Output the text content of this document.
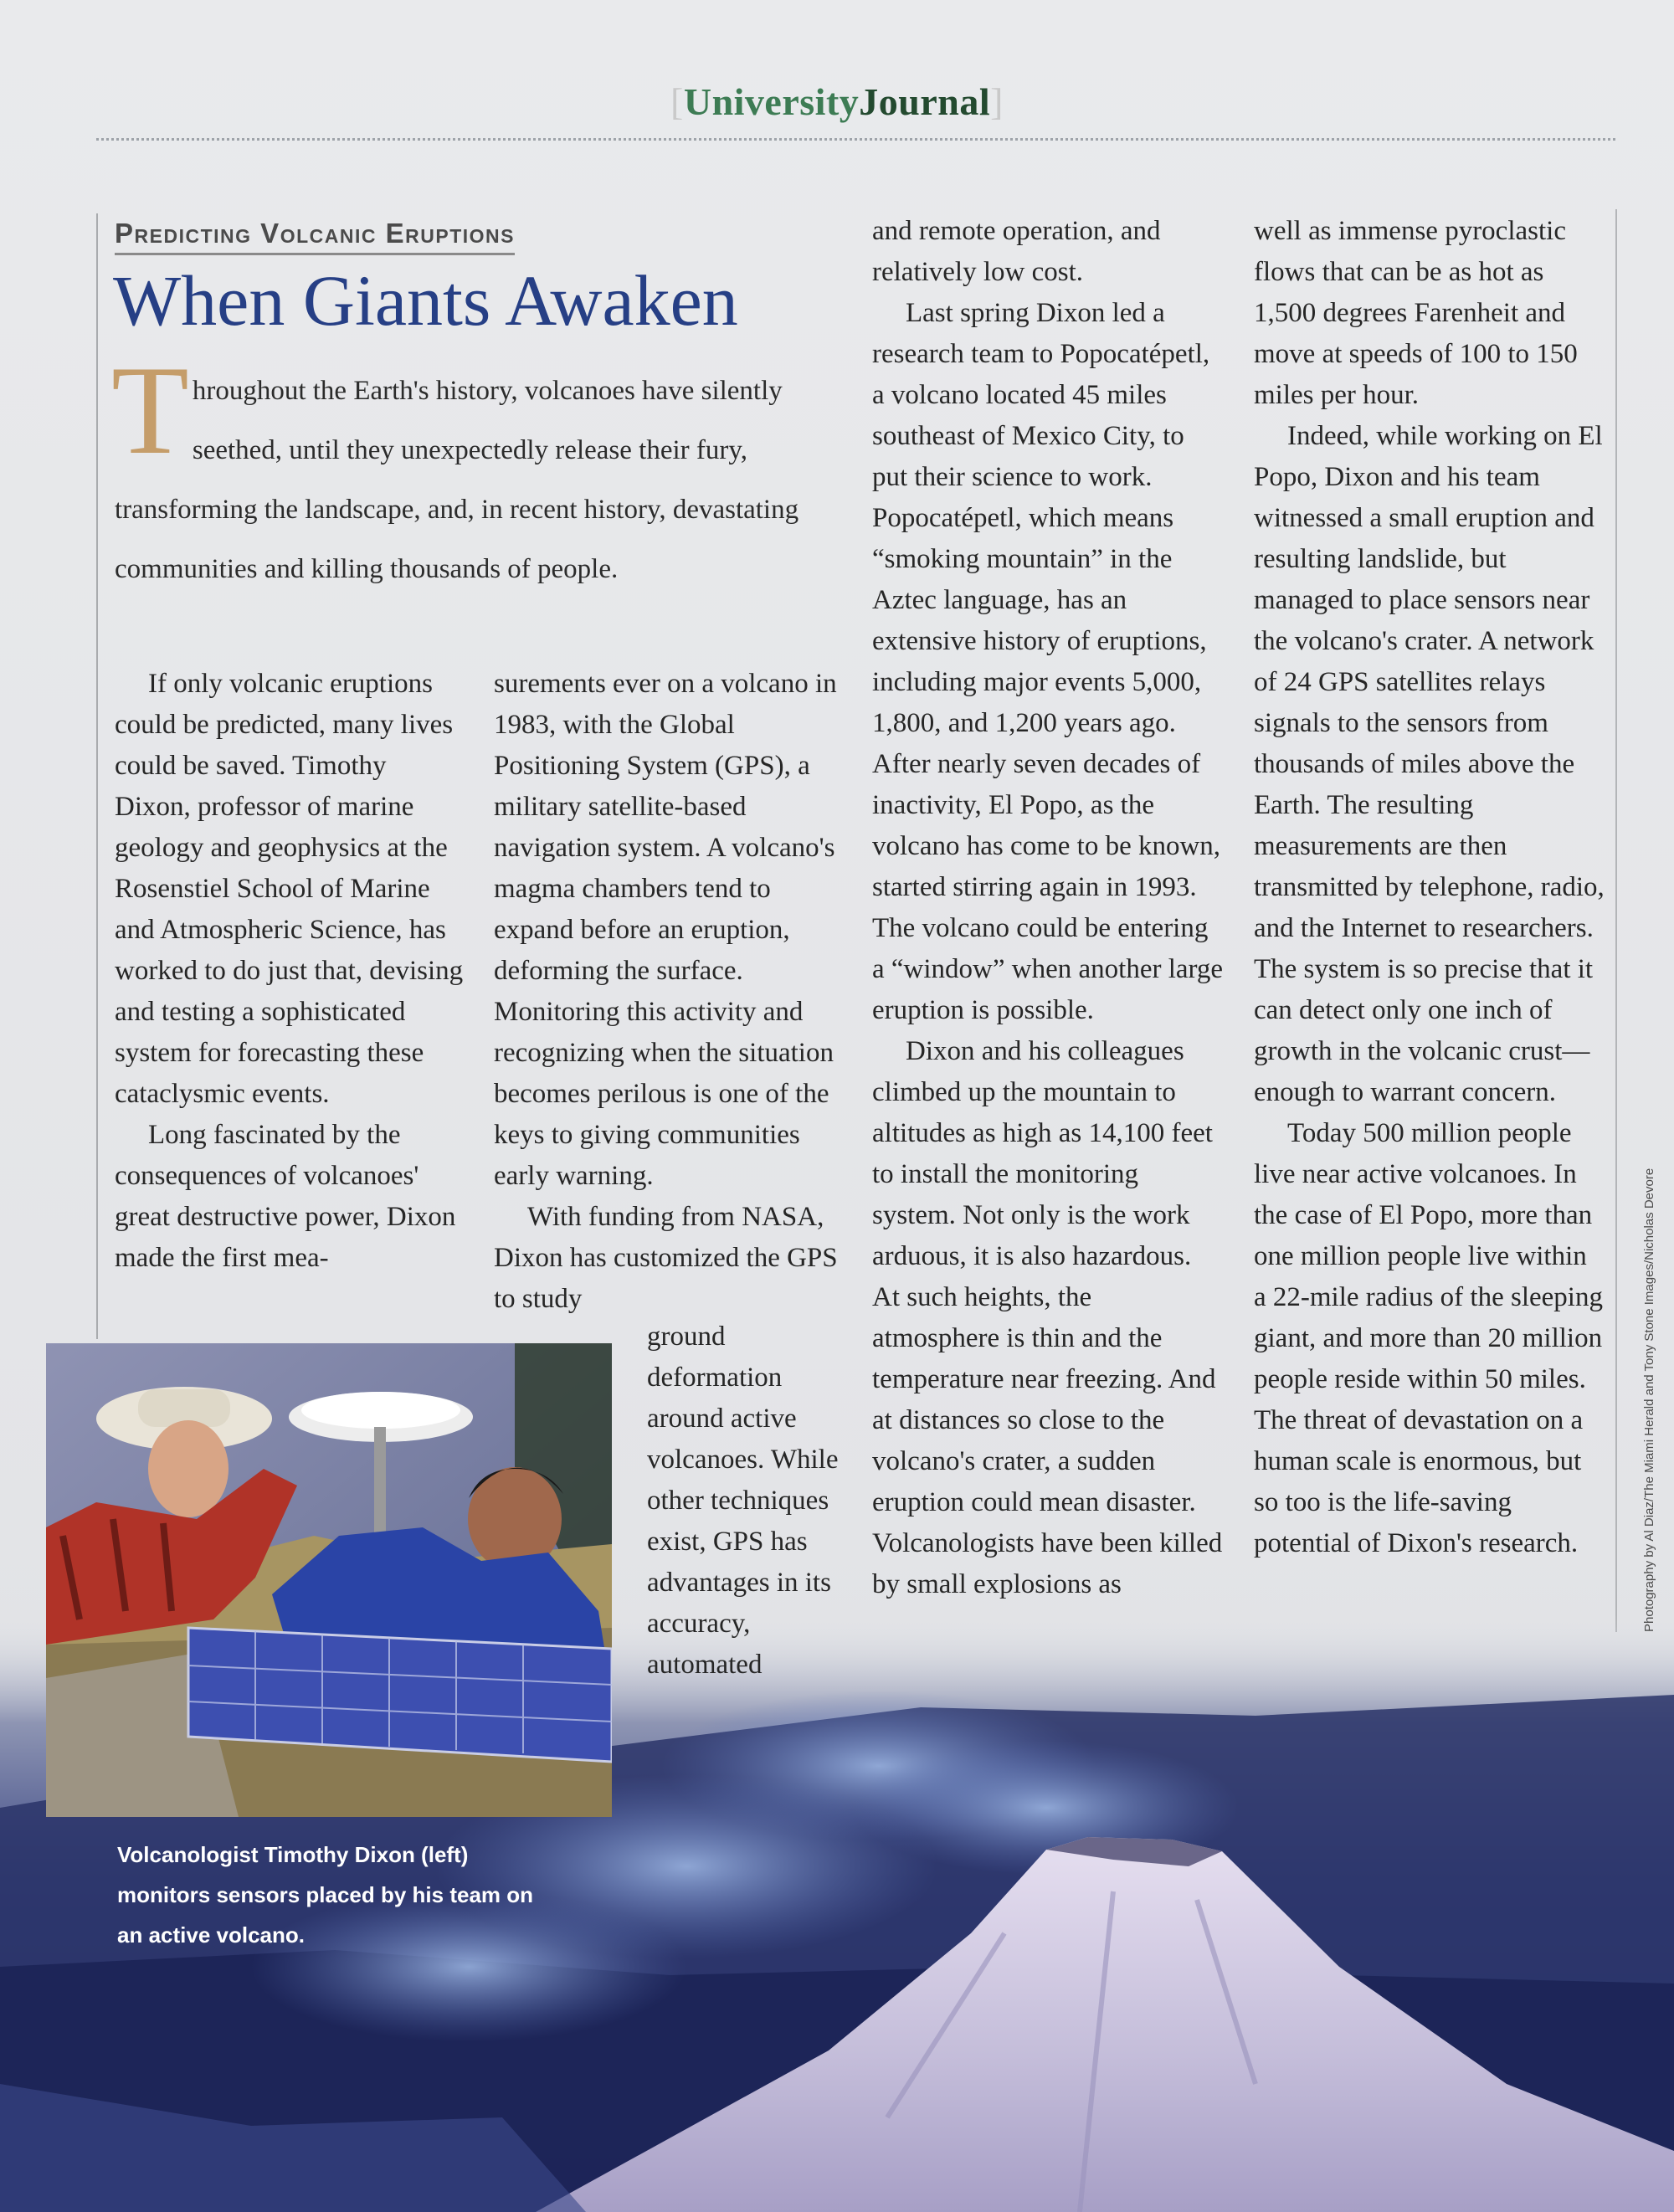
[UniversityJournal]
Predicting Volcanic Eruptions
When Giants Awaken
Throughout the Earth's history, volcanoes have silently seethed, until they unexpectedly release their fury, transforming the landscape, and, in recent history, devastating communities and killing thousands of people.

If only volcanic eruptions could be predicted, many lives could be saved. Timothy Dixon, professor of marine geology and geophysics at the Rosenstiel School of Marine and Atmospheric Science, has worked to do just that, devising and testing a sophisticated system for forecasting these cataclysmic events.

Long fascinated by the consequences of volcanoes' great destructive power, Dixon made the first mea-

surements ever on a volcano in 1983, with the Global Positioning System (GPS), a military satellite-based navigation system. A volcano's magma chambers tend to expand before an eruption, deforming the surface. Monitoring this activity and recognizing when the situation becomes perilous is one of the keys to giving communities early warning.

With funding from NASA, Dixon has customized the GPS to study

ground deformation around active volcanoes. While other techniques exist, GPS has advantages in its accuracy, automated

and remote operation, and relatively low cost.

Last spring Dixon led a research team to Popocatépetl, a volcano located 45 miles southeast of Mexico City, to put their science to work. Popocatépetl, which means “smoking mountain” in the Aztec language, has an extensive history of eruptions, including major events 5,000, 1,800, and 1,200 years ago. After nearly seven decades of inactivity, El Popo, as the volcano has come to be known, started stirring again in 1993. The volcano could be entering a “window” when another large eruption is possible.

Dixon and his colleagues climbed up the mountain to altitudes as high as 14,100 feet to install the monitoring system. Not only is the work arduous, it is also hazardous. At such heights, the atmosphere is thin and the temperature near freezing. And at distances so close to the volcano's crater, a sudden eruption could mean disaster. Volcanologists have been killed by small explosions as

well as immense pyroclastic flows that can be as hot as 1,500 degrees Farenheit and move at speeds of 100 to 150 miles per hour.

Indeed, while working on El Popo, Dixon and his team witnessed a small eruption and resulting landslide, but managed to place sensors near the volcano's crater. A network of 24 GPS satellites relays signals to the sensors from thousands of miles above the Earth. The resulting measurements are then transmitted by telephone, radio, and the Internet to researchers. The system is so precise that it can detect only one inch of growth in the volcanic crust—enough to warrant concern.

Today 500 million people live near active volcanoes. In the case of El Popo, more than one million people live within a 22-mile radius of the sleeping giant, and more than 20 million people reside within 50 miles. The threat of devastation on a human scale is enormous, but so too is the life-saving potential of Dixon's research.	Photography by Al Diaz/The Miami Herald and Tony Stone Images/Nicholas Devore
Volcanologist Timothy Dixon (left) monitors sensors placed by his team on an active volcano.
